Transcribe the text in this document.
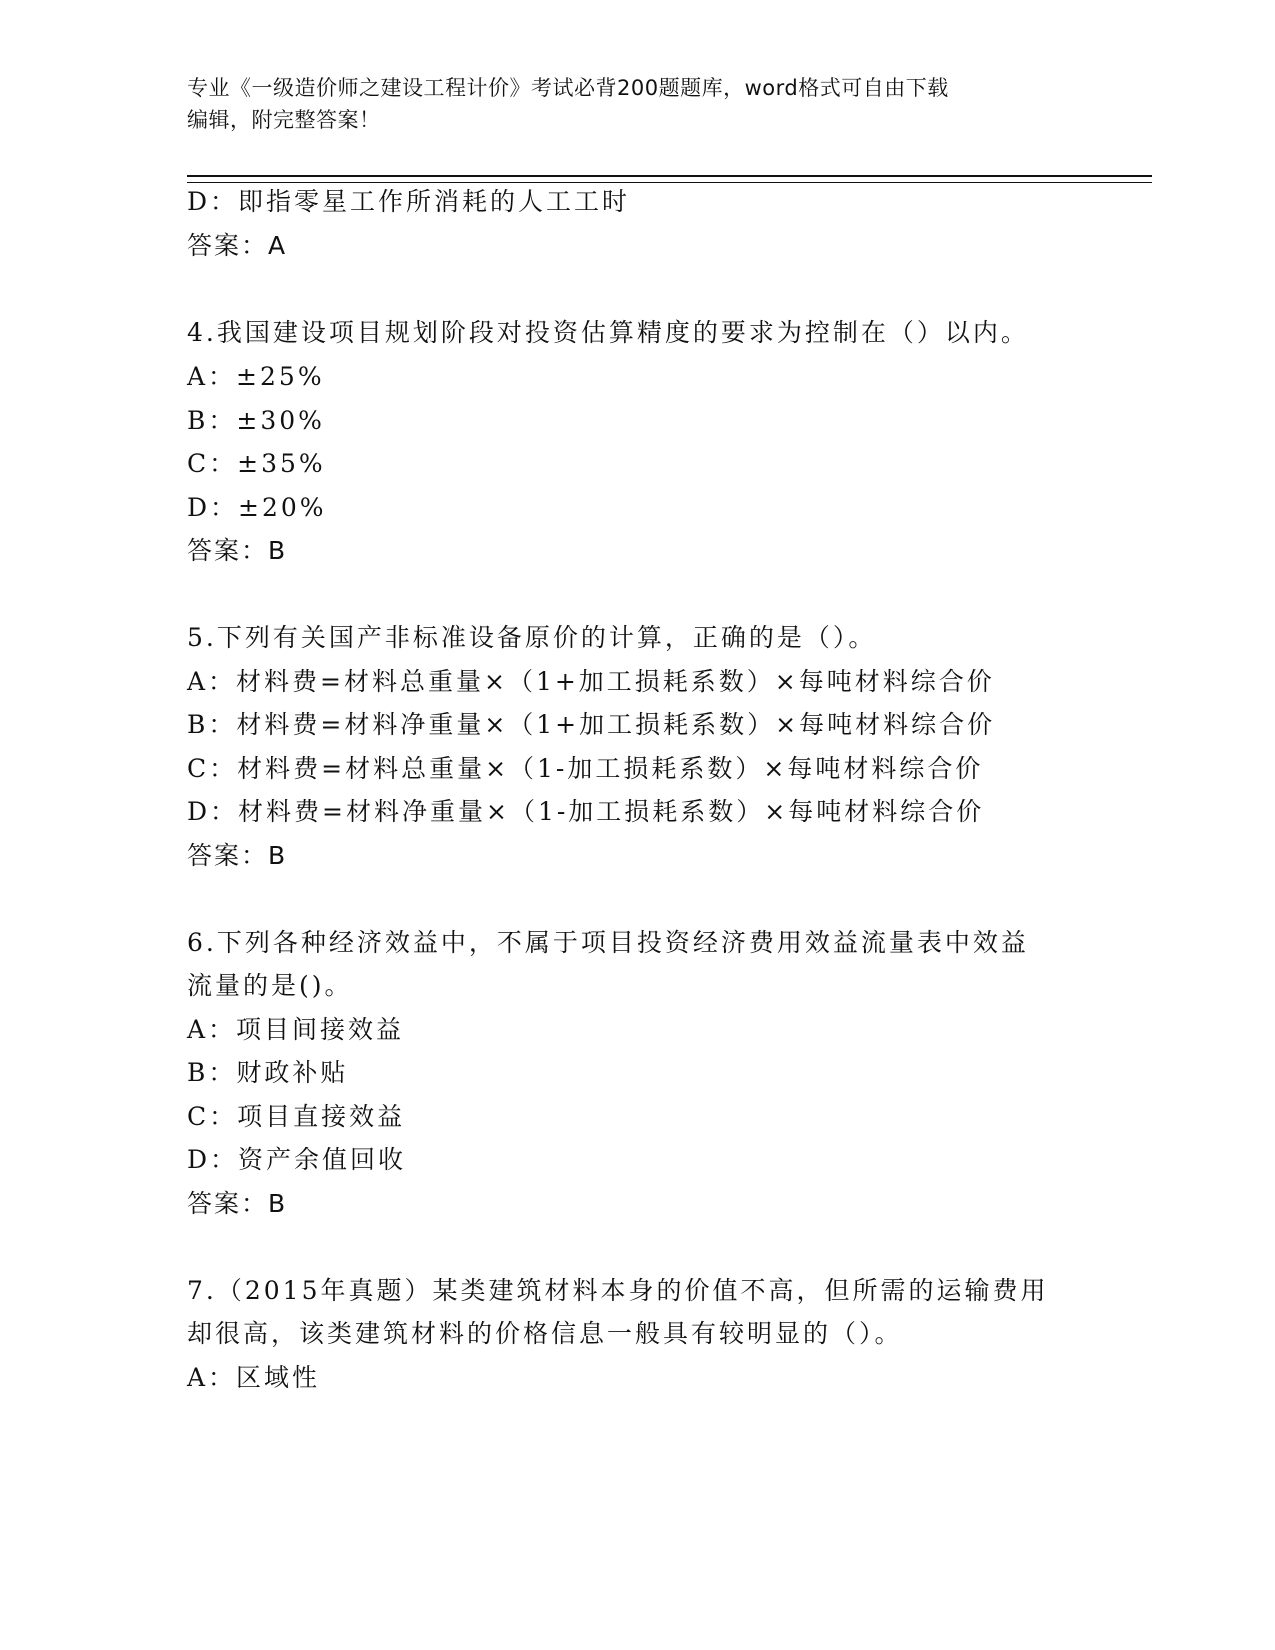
专业《一级造价师之建设工程计价》考试必背200题题库，word格式可自由下载
编辑，附完整答案！
D：即指零星工作所消耗的人工工时
答案：A
4.我国建设项目规划阶段对投资估算精度的要求为控制在（）以内。
A：±25%
B：±30%
C：±35%
D：±20%
答案：B
5.下列有关国产非标准设备原价的计算，正确的是（）。
A：材料费=材料总重量×（1+加工损耗系数）×每吨材料综合价
B：材料费=材料净重量×（1+加工损耗系数）×每吨材料综合价
C：材料费=材料总重量×（1-加工损耗系数）×每吨材料综合价
D：材料费=材料净重量×（1-加工损耗系数）×每吨材料综合价
答案：B
6.下列各种经济效益中，不属于项目投资经济费用效益流量表中效益
流量的是()。
A：项目间接效益
B：财政补贴
C：项目直接效益
D：资产余值回收
答案：B
7.（2015年真题）某类建筑材料本身的价值不高，但所需的运输费用
却很高，该类建筑材料的价格信息一般具有较明显的（）。
A：区域性
